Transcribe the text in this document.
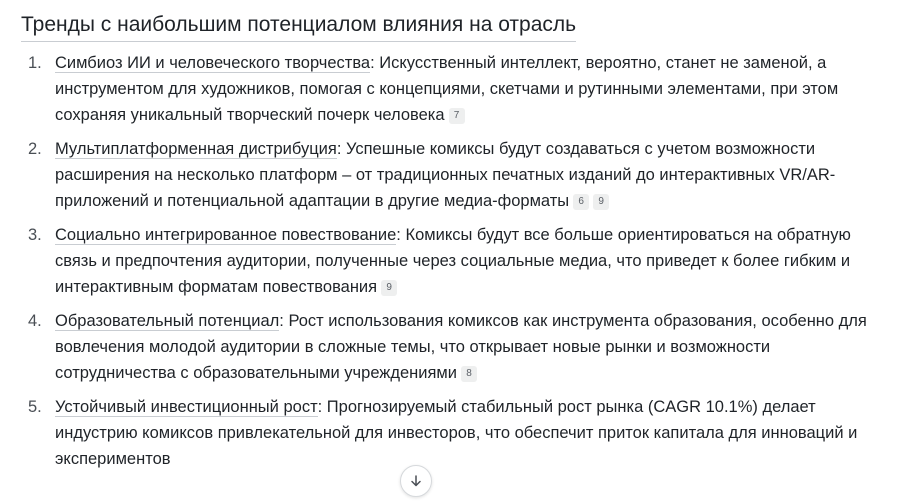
Тренды с наибольшим потенциалом влияния на отрасль
1. Симбиоз ИИ и человеческого творчества: Искусственный интеллект, вероятно, станет не заменой, а инструментом для художников, помогая с концепциями, скетчами и рутинными элементами, при этом сохраняя уникальный творческий почерк человека 7
2. Мультиплатформенная дистрибуция: Успешные комиксы будут создаваться с учетом возможности расширения на несколько платформ – от традиционных печатных изданий до интерактивных VR/AR-приложений и потенциальной адаптации в другие медиа-форматы 6 9
3. Социально интегрированное повествование: Комиксы будут все больше ориентироваться на обратную связь и предпочтения аудитории, полученные через социальные медиа, что приведет к более гибким и интерактивным форматам повествования 9
4. Образовательный потенциал: Рост использования комиксов как инструмента образования, особенно для вовлечения молодой аудитории в сложные темы, что открывает новые рынки и возможности сотрудничества с образовательными учреждениями 8
5. Устойчивый инвестиционный рост: Прогнозируемый стабильный рост рынка (CAGR 10.1%) делает индустрию комиксов привлекательной для инвесторов, что обеспечит приток капитала для инноваций и экспериментов
